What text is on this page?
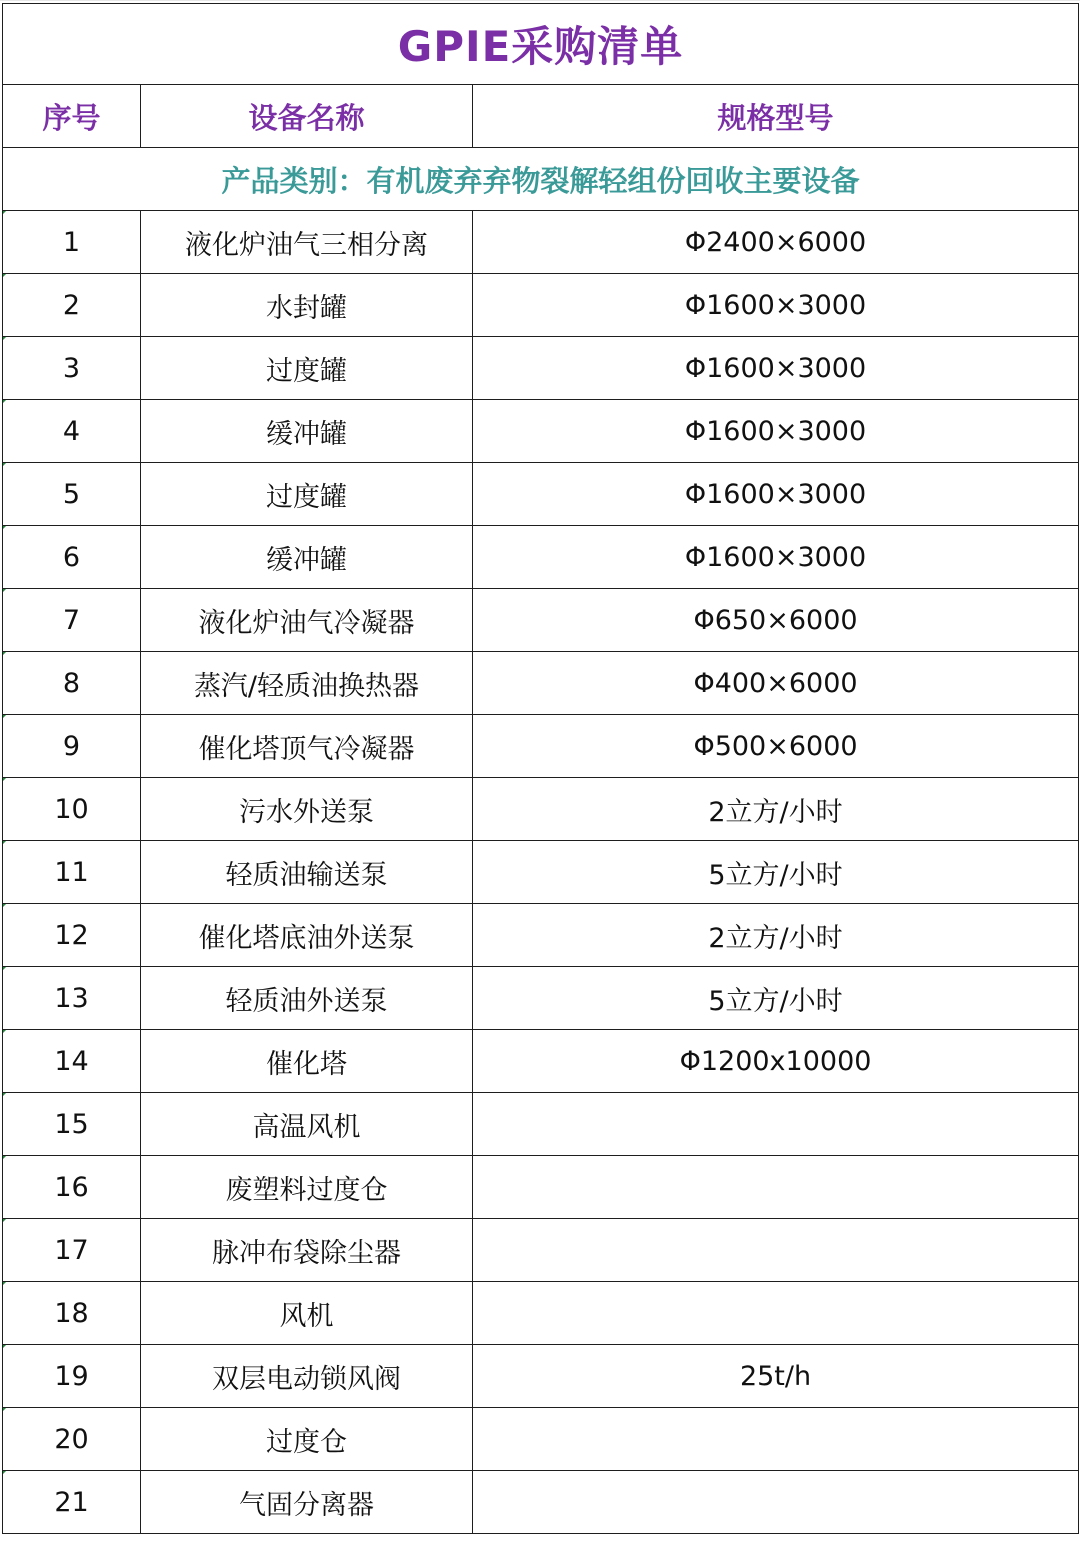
GPIE采购清单		
序号	设备名称	规格型号
产品类别：有机废弃弃物裂解轻组份回收主要设备		
1	液化炉油气三相分离	Φ2400×6000
2	水封罐	Φ1600×3000
3	过度罐	Φ1600×3000
4	缓冲罐	Φ1600×3000
5	过度罐	Φ1600×3000
6	缓冲罐	Φ1600×3000
7	液化炉油气冷凝器	Φ650×6000
8	蒸汽/轻质油换热器	Φ400×6000
9	催化塔顶气冷凝器	Φ500×6000
10	污水外送泵	2立方/小时
11	轻质油输送泵	5立方/小时
12	催化塔底油外送泵	2立方/小时
13	轻质油外送泵	5立方/小时
14	催化塔	Φ1200x10000
15	高温风机	
16	废塑料过度仓	
17	脉冲布袋除尘器	
18	风机	
19	双层电动锁风阀	25t/h
20	过度仓	
21	气固分离器	
